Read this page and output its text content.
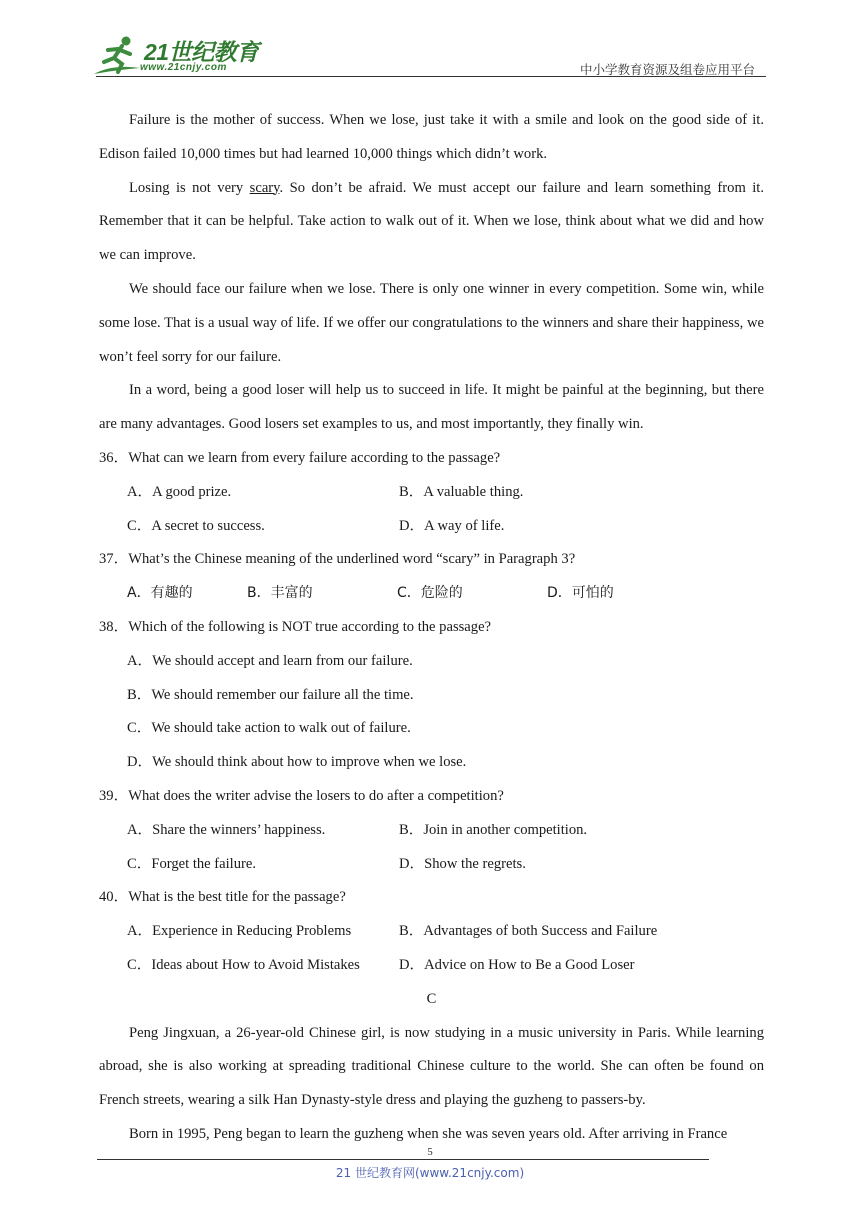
21世纪教育
www.21cnjy.com	中小学教育资源及组卷应用平台

Failure is the mother of success. When we lose, just take it with a smile and look on the good side of it. Edison failed 10,000 times but had learned 10,000 things which didn’t work.

Losing is not very scary. So don’t be afraid. We must accept our failure and learn something from it. Remember that it can be helpful. Take action to walk out of it. When we lose, think about what we did and how we can improve.

We should face our failure when we lose. There is only one winner in every competition. Some win, while some lose. That is a usual way of life. If we offer our congratulations to the winners and share their happiness, we won’t feel sorry for our failure.

In a word, being a good loser will help us to succeed in life. It might be painful at the beginning, but there are many advantages. Good losers set examples to us, and most importantly, they finally win.

36．What can we learn from every failure according to the passage?

A．A good prize.	B．A valuable thing.
C．A secret to success.	D．A way of life.

37．What’s the Chinese meaning of the underlined word “scary” in Paragraph 3?

A．有趣的	B．丰富的	C．危险的	D．可怕的

38．Which of the following is NOT true according to the passage?

A．We should accept and learn from our failure.

B．We should remember our failure all the time.

C．We should take action to walk out of failure.

D．We should think about how to improve when we lose.

39．What does the writer advise the losers to do after a competition?

A．Share the winners’ happiness.	B．Join in another competition.
C．Forget the failure.	D．Show the regrets.

40．What is the best title for the passage?

A．Experience in Reducing Problems	B．Advantages of both Success and Failure
C．Ideas about How to Avoid Mistakes	D．Advice on How to Be a Good Loser

C

Peng Jingxuan, a 26-year-old Chinese girl, is now studying in a music university in Paris. While learning abroad, she is also working at spreading traditional Chinese culture to the world. She can often be found on French streets, wearing a silk Han Dynasty-style dress and playing the guzheng to passers-by.

Born in 1995, Peng began to learn the guzheng when she was seven years old. After arriving in France

5
21 世纪教育网(www.21cnjy.com)
